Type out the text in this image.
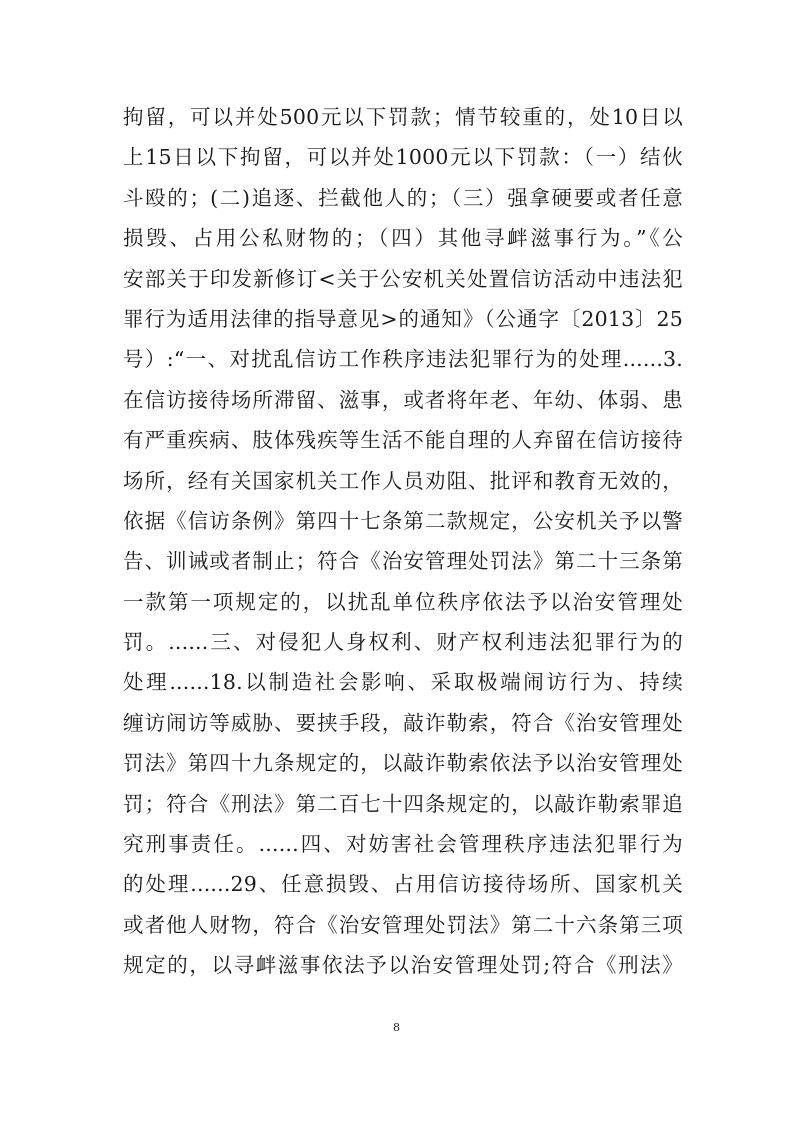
拘留，可以并处500元以下罚款；情节较重的，处10日以
上15日以下拘留，可以并处1000元以下罚款：（一）结伙
斗殴的；(二)追逐、拦截他人的；（三）强拿硬要或者任意
损毁、占用公私财物的；（四）其他寻衅滋事行为。”《公
安部关于印发新修订<关于公安机关处置信访活动中违法犯
罪行为适用法律的指导意见>的通知》（公通字〔2013〕25
号）:“一、对扰乱信访工作秩序违法犯罪行为的处理......3.
在信访接待场所滞留、滋事，或者将年老、年幼、体弱、患
有严重疾病、肢体残疾等生活不能自理的人弃留在信访接待
场所，经有关国家机关工作人员劝阻、批评和教育无效的，
依据《信访条例》第四十七条第二款规定，公安机关予以警
告、训诫或者制止；符合《治安管理处罚法》第二十三条第
一款第一项规定的，以扰乱单位秩序依法予以治安管理处
罚。......三、对侵犯人身权利、财产权利违法犯罪行为的
处理......18.以制造社会影响、采取极端闹访行为、持续
缠访闹访等威胁、要挟手段，敲诈勒索，符合《治安管理处
罚法》第四十九条规定的，以敲诈勒索依法予以治安管理处
罚；符合《刑法》第二百七十四条规定的，以敲诈勒索罪追
究刑事责任。......四、对妨害社会管理秩序违法犯罪行为
的处理......29、任意损毁、占用信访接待场所、国家机关
或者他人财物，符合《治安管理处罚法》第二十六条第三项
规定的，以寻衅滋事依法予以治安管理处罚;符合《刑法》
8
